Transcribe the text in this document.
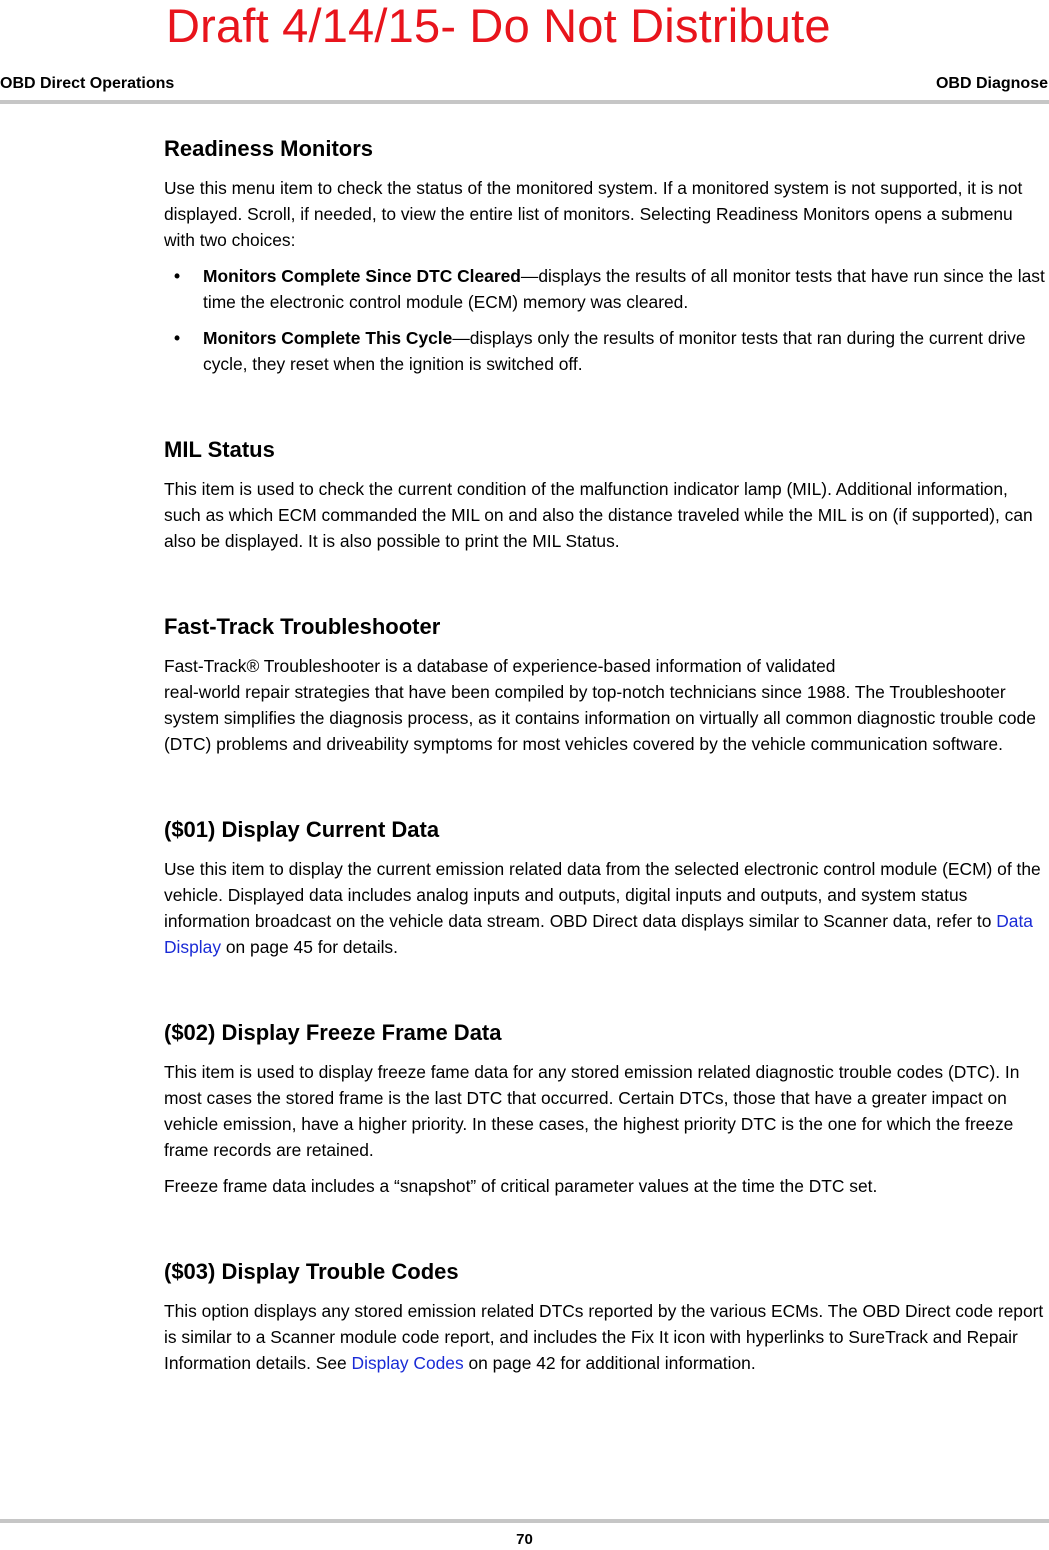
Draft 4/14/15- Do Not Distribute
OBD Direct Operations	OBD Diagnose
Readiness Monitors

Use this menu item to check the status of the monitored system. If a monitored system is not supported, it is not displayed. Scroll, if needed, to view the entire list of monitors. Selecting Readiness Monitors opens a submenu with two choices:

• Monitors Complete Since DTC Cleared—displays the results of all monitor tests that have run since the last time the electronic control module (ECM) memory was cleared.
• Monitors Complete This Cycle—displays only the results of monitor tests that ran during the current drive cycle, they reset when the ignition is switched off.
MIL Status

This item is used to check the current condition of the malfunction indicator lamp (MIL). Additional information, such as which ECM commanded the MIL on and also the distance traveled while the MIL is on (if supported), can also be displayed. It is also possible to print the MIL Status.

Fast-Track Troubleshooter

Fast-Track® Troubleshooter is a database of experience-based information of validated
real-world repair strategies that have been compiled by top-notch technicians since 1988. The Troubleshooter system simplifies the diagnosis process, as it contains information on virtually all common diagnostic trouble code (DTC) problems and driveability symptoms for most vehicles covered by the vehicle communication software.

($01) Display Current Data

Use this item to display the current emission related data from the selected electronic control module (ECM) of the vehicle. Displayed data includes analog inputs and outputs, digital inputs and outputs, and system status information broadcast on the vehicle data stream. OBD Direct data displays similar to Scanner data, refer to Data Display on page 45 for details.

($02) Display Freeze Frame Data

This item is used to display freeze fame data for any stored emission related diagnostic trouble codes (DTC). In most cases the stored frame is the last DTC that occurred. Certain DTCs, those that have a greater impact on vehicle emission, have a higher priority. In these cases, the highest priority DTC is the one for which the freeze frame records are retained.

Freeze frame data includes a “snapshot” of critical parameter values at the time the DTC set.

($03) Display Trouble Codes

This option displays any stored emission related DTCs reported by the various ECMs. The OBD Direct code report is similar to a Scanner module code report, and includes the Fix It icon with hyperlinks to SureTrack and Repair Information details. See Display Codes on page 42 for additional information.

70
